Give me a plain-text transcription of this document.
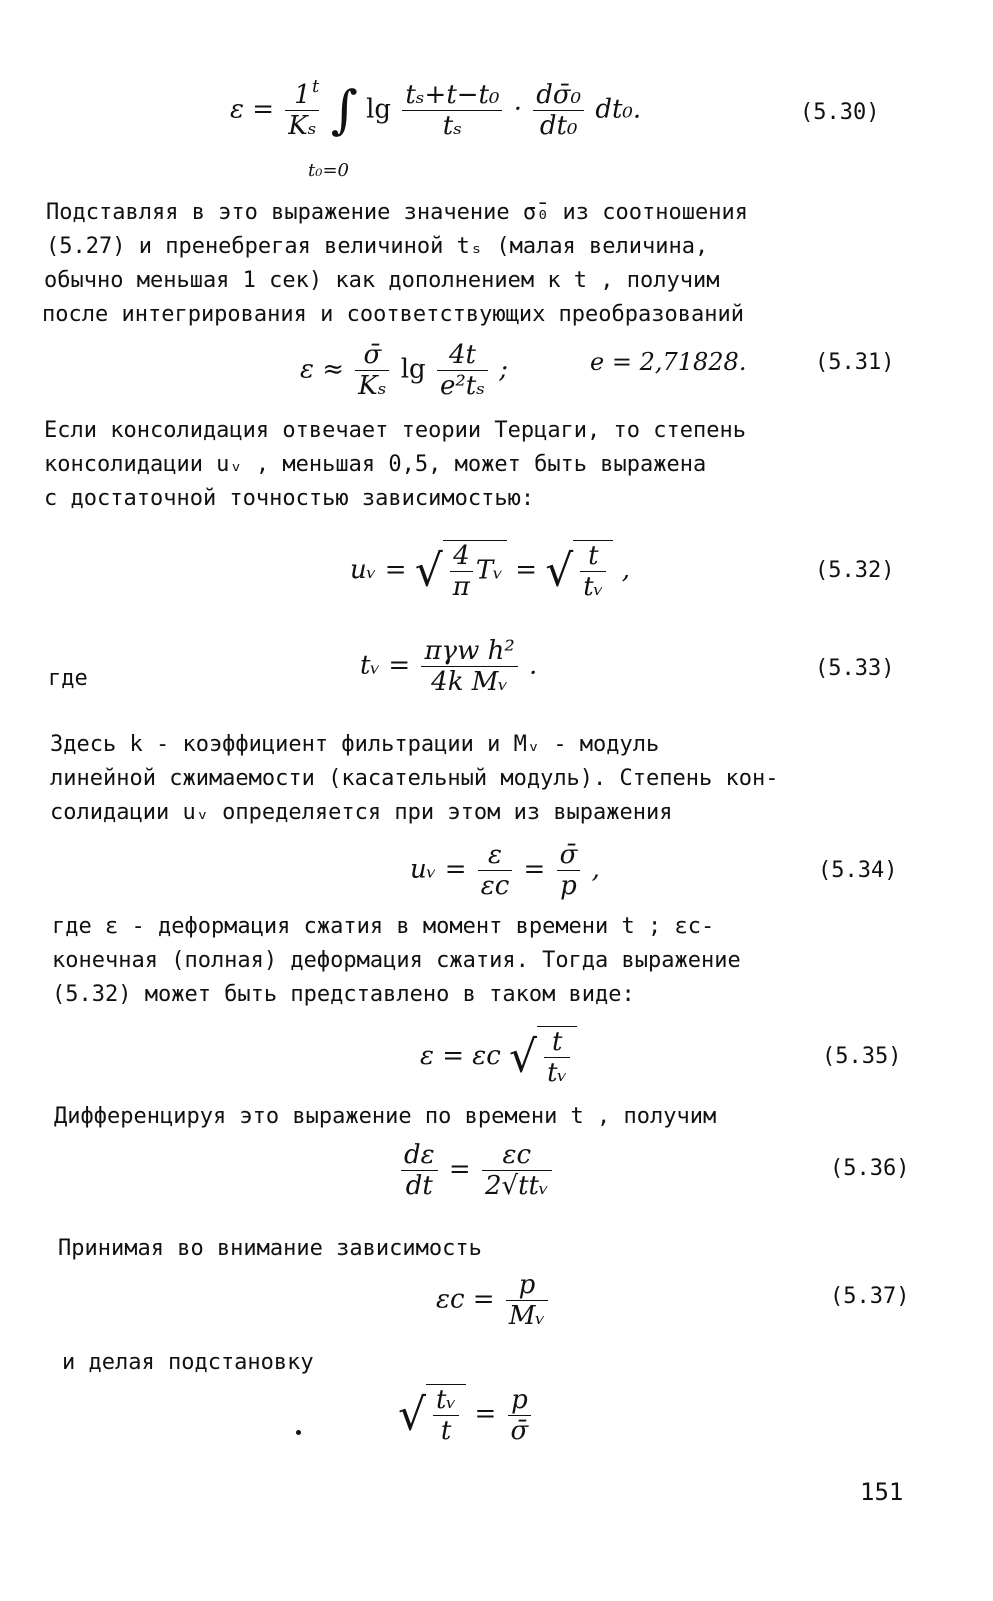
$\varepsilon = \frac{1}{\text{Kₛ}}$ ∫ $\lg \frac{\text{tₛ+t−t₀}}{\text{tₛ}} \cdot \frac{\text{dσ̄₀}}{\text{dt₀}} dt_0$.
t
t₀=0
(5.30)
Подставляя в это выражение значение σ̄₀ из соотношения
(5.27) и пренебрегая величиной tₛ (малая величина,
обычно меньшая 1 сек) как дополнением к t , получим
после интегрирования и соответствующих преобразований
$\varepsilon \approx \frac{\sigmā}{\text{Kₛ}}$ $\lg \frac{4t}{\text{e²tₛ}}$ ;	e = 2,71828.	(5.31)
Если консолидация отвечает теории Терцаги, то степень
консолидации uᵥ , меньшая 0,5, может быть выражена
с достаточной точностью зависимостью:
uᵥ = √ $\frac{4}{\pi}$ Tᵥ = √ $\frac{t}{\text{tᵥ}}$ ,	(5.32)
где	tᵥ = $\frac{\text{πγw h²}}{\text{4k Mᵥ}}$ .	(5.33)
Здесь k - коэффициент фильтрации и Mᵥ - модуль
линейной сжимаемости (касательный модуль). Степень кон-
солидации uᵥ определяется при этом из выражения
uᵥ = $\frac{\varepsilon}{\varepsilon c} = \frac{\sigmā}{p}$ ,	(5.34)
где ε - деформация сжатия в момент времени t ; εc-
конечная (полная) деформация сжатия. Тогда выражение
(5.32) может быть представлено в таком виде:
ε = εc √ $\frac{t}{\text{tᵥ}}$	(5.35)
Дифференцируя это выражение по времени t , получим
$\frac{d\varepsilon}{dt} = \frac{\varepsilon c}{\text{2√ttᵥ}}$	(5.36)
Принимая во внимание зависимость
$\varepsilon c = \frac{p}{\text{Mᵥ}}$	(5.37)
и делая подстановку
√ $\frac{\text{tᵥ}}{t} = \frac{p}{\sigmā}$
151
